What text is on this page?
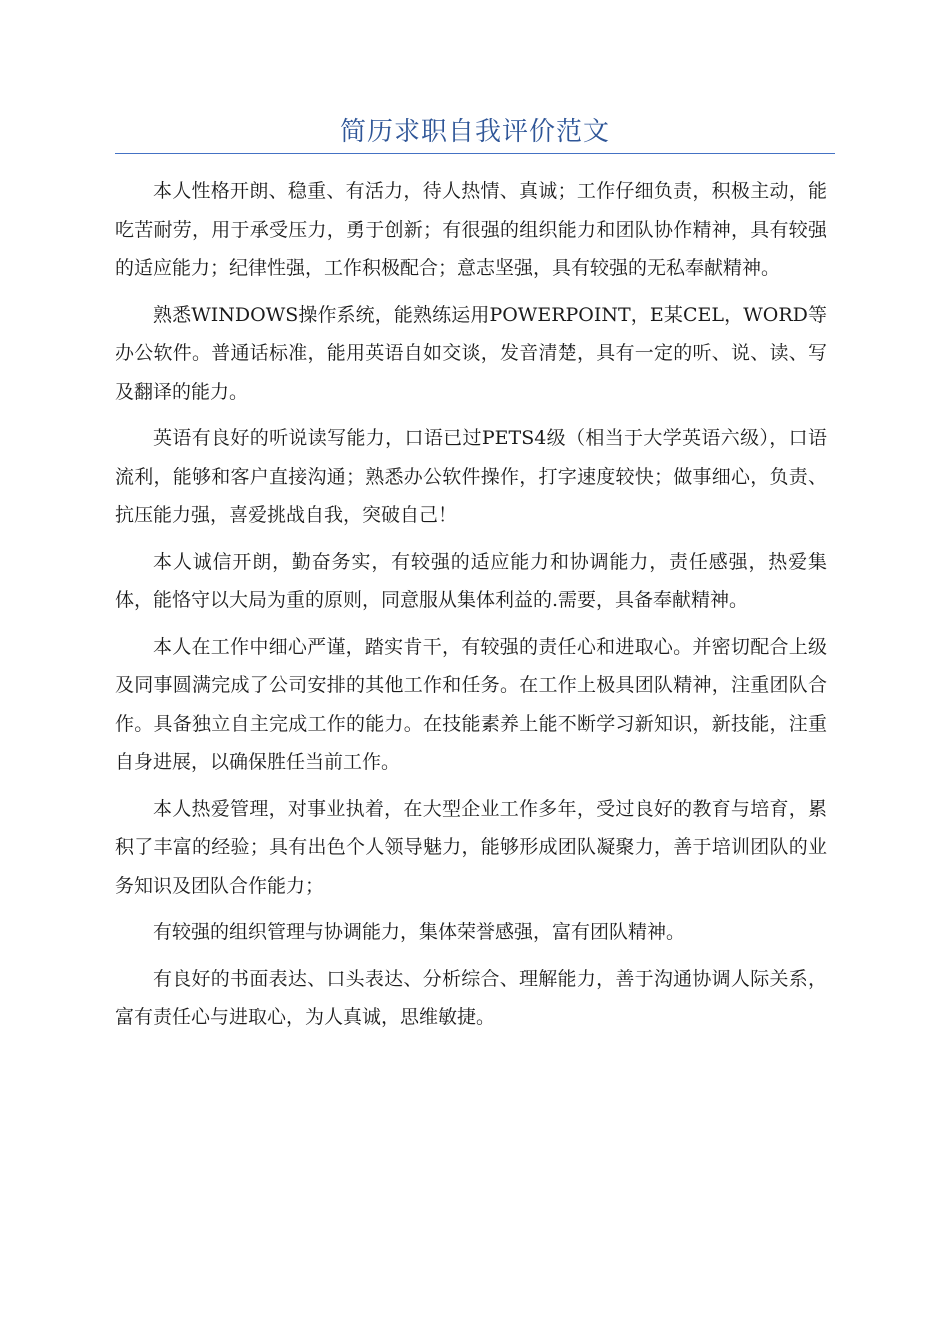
简历求职自我评价范文

本人性格开朗、稳重、有活力，待人热情、真诚；工作仔细负责，积极主动，能吃苦耐劳，用于承受压力，勇于创新；有很强的组织能力和团队协作精神，具有较强的适应能力；纪律性强，工作积极配合；意志坚强，具有较强的无私奉献精神。

熟悉WINDOWS操作系统，能熟练运用POWERPOINT，E某CEL，WORD等办公软件。普通话标准，能用英语自如交谈，发音清楚，具有一定的听、说、读、写及翻译的能力。

英语有良好的听说读写能力，口语已过PETS4级（相当于大学英语六级），口语流利，能够和客户直接沟通；熟悉办公软件操作，打字速度较快；做事细心，负责、抗压能力强，喜爱挑战自我，突破自己！

本人诚信开朗，勤奋务实，有较强的适应能力和协调能力，责任感强，热爱集体，能恪守以大局为重的原则，同意服从集体利益的.需要，具备奉献精神。

本人在工作中细心严谨，踏实肯干，有较强的责任心和进取心。并密切配合上级及同事圆满完成了公司安排的其他工作和任务。在工作上极具团队精神，注重团队合作。具备独立自主完成工作的能力。在技能素养上能不断学习新知识，新技能，注重自身进展，以确保胜任当前工作。

本人热爱管理，对事业执着，在大型企业工作多年，受过良好的教育与培育，累积了丰富的经验；具有出色个人领导魅力，能够形成团队凝聚力，善于培训团队的业务知识及团队合作能力；

有较强的组织管理与协调能力，集体荣誉感强，富有团队精神。

有良好的书面表达、口头表达、分析综合、理解能力，善于沟通协调人际关系，富有责任心与进取心，为人真诚，思维敏捷。
